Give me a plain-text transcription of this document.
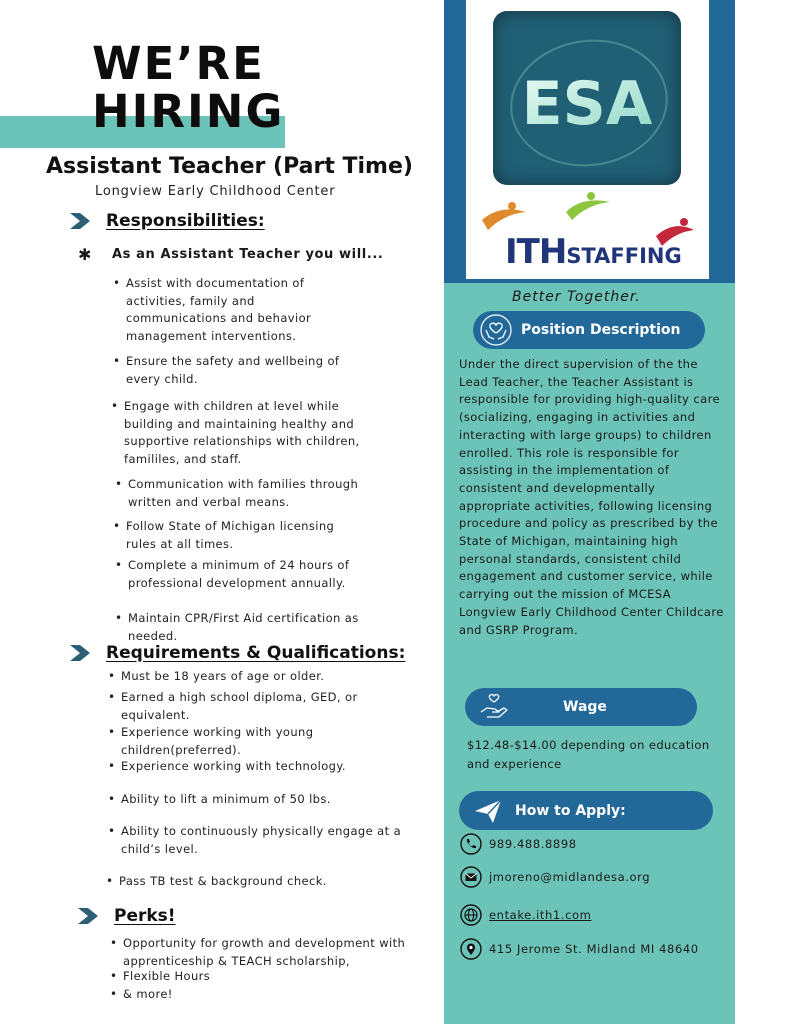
WE’RE
HIRING
Assistant Teacher (Part Time)
Longview Early Childhood Center
Responsibilities:
✱ As an Assistant Teacher you will...
• Assist with documentation of activities, family and communications and behavior management interventions.
• Ensure the safety and wellbeing of every child.
• Engage with children at level while building and maintaining healthy and supportive relationships with children, famililes, and staff.
• Communication with families through written and verbal means.
• Follow State of Michigan licensing rules at all times.
• Complete a minimum of 24 hours of professional development annually.
• Maintain CPR/First Aid certification as needed.
Requirements & Qualifications:
• Must be 18 years of age or older.
• Earned a high school diploma, GED, or equivalent.
• Experience working with young children(preferred).
• Experience working with technology.
• Ability to lift a minimum of 50 lbs.
• Ability to continuously physically engage at a child’s level.
• Pass TB test & background check.
Perks!
• Opportunity for growth and development with apprenticeship & TEACH scholarship,
• Flexible Hours
• & more!
ESA
ITHSTAFFING
Better Together.
Position Description
Under the direct supervision of the the Lead Teacher, the Teacher Assistant is responsible for providing high-quality care (socializing, engaging in activities and interacting with large groups) to children enrolled. This role is responsible for assisting in the implementation of consistent and developmentally appropriate activities, following licensing procedure and policy as prescribed by the State of Michigan, maintaining high personal standards, consistent child engagement and customer service, while carrying out the mission of MCESA Longview Early Childhood Center Childcare and GSRP Program.
Wage
$12.48-$14.00 depending on education and experience
How to Apply:
989.488.8898
jmoreno@midlandesa.org
entake.ith1.com
415 Jerome St. Midland MI 48640
